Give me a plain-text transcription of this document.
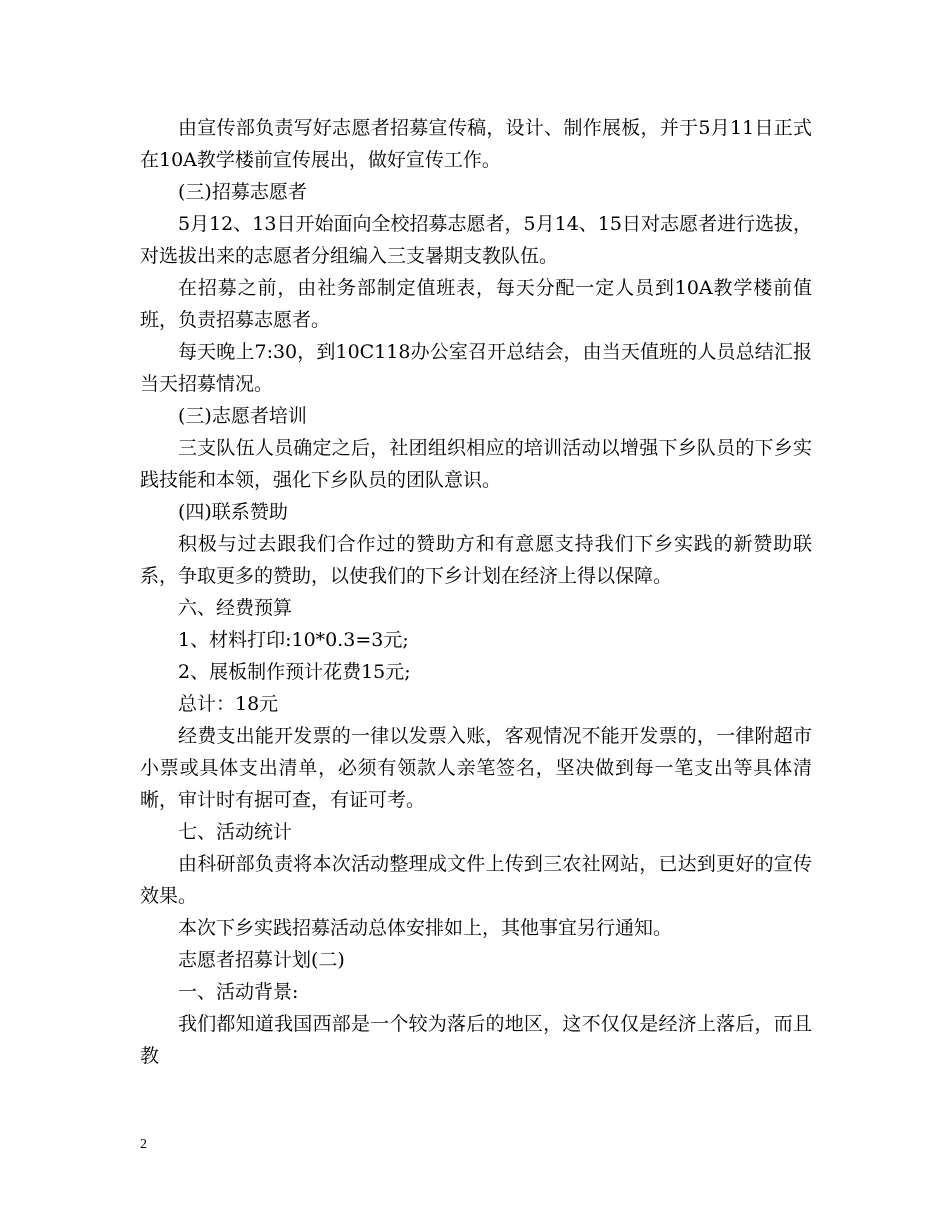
由宣传部负责写好志愿者招募宣传稿，设计、制作展板，并于5月11日正式在10A教学楼前宣传展出，做好宣传工作。

(三)招募志愿者

5月12、13日开始面向全校招募志愿者，5月14、15日对志愿者进行选拔，对选拔出来的志愿者分组编入三支暑期支教队伍。

在招募之前，由社务部制定值班表，每天分配一定人员到10A教学楼前值班，负责招募志愿者。

每天晚上7:30，到10C118办公室召开总结会，由当天值班的人员总结汇报当天招募情况。

(三)志愿者培训

三支队伍人员确定之后，社团组织相应的培训活动以增强下乡队员的下乡实践技能和本领，强化下乡队员的团队意识。

(四)联系赞助

积极与过去跟我们合作过的赞助方和有意愿支持我们下乡实践的新赞助联系，争取更多的赞助，以使我们的下乡计划在经济上得以保障。

六、经费预算

1、材料打印:10*0.3=3元;

2、展板制作预计花费15元;

总计：18元

经费支出能开发票的一律以发票入账，客观情况不能开发票的，一律附超市小票或具体支出清单，必须有领款人亲笔签名，坚决做到每一笔支出等具体清晰，审计时有据可查，有证可考。

七、活动统计

由科研部负责将本次活动整理成文件上传到三农社网站，已达到更好的宣传效果。

本次下乡实践招募活动总体安排如上，其他事宜另行通知。

志愿者招募计划(二)

一、活动背景:

我们都知道我国西部是一个较为落后的地区，这不仅仅是经济上落后，而且教

2
